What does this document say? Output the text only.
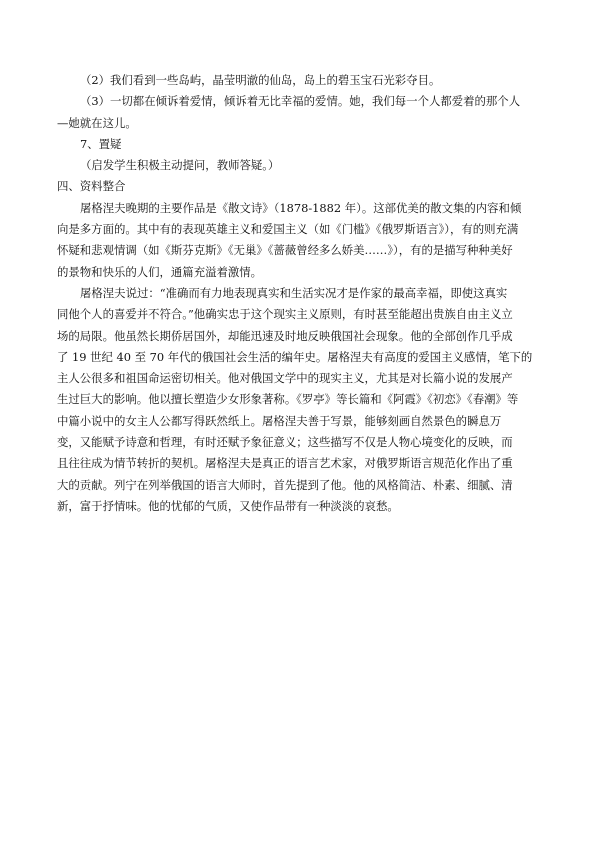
（2）我们看到一些岛屿，晶莹明澈的仙岛，岛上的碧玉宝石光彩夺目。
（3）一切都在倾诉着爱情，倾诉着无比幸福的爱情。她，我们每一个人都爱着的那个人
—她就在这儿。
7、置疑
（启发学生积极主动提问，教师答疑。）
四、资料整合
屠格涅夫晚期的主要作品是《散文诗》（1878-1882 年）。这部优美的散文集的内容和倾
向是多方面的。其中有的表现英雄主义和爱国主义（如《门槛》《俄罗斯语言》），有的则充满
怀疑和悲观情调（如《斯芬克斯》《无巢》《蔷薇曾经多么娇美……》），有的是描写种种美好
的景物和快乐的人们，通篇充溢着激情。
屠格涅夫说过：“准确而有力地表现真实和生活实况才是作家的最高幸福，即使这真实
同他个人的喜爱并不符合。”他确实忠于这个现实主义原则，有时甚至能超出贵族自由主义立
场的局限。他虽然长期侨居国外，却能迅速及时地反映俄国社会现象。他的全部创作几乎成
了 19 世纪 40 至 70 年代的俄国社会生活的编年史。屠格涅夫有高度的爱国主义感情，笔下的
主人公很多和祖国命运密切相关。他对俄国文学中的现实主义，尤其是对长篇小说的发展产
生过巨大的影响。他以擅长塑造少女形象著称。《罗亭》等长篇和《阿霞》《初恋》《春潮》等
中篇小说中的女主人公都写得跃然纸上。屠格涅夫善于写景，能够刻画自然景色的瞬息万
变，又能赋予诗意和哲理，有时还赋予象征意义；这些描写不仅是人物心境变化的反映，而
且往往成为情节转折的契机。屠格涅夫是真正的语言艺术家，对俄罗斯语言规范化作出了重
大的贡献。列宁在列举俄国的语言大师时，首先提到了他。他的风格简洁、朴素、细腻、清
新，富于抒情味。他的忧郁的气质，又使作品带有一种淡淡的哀愁。
